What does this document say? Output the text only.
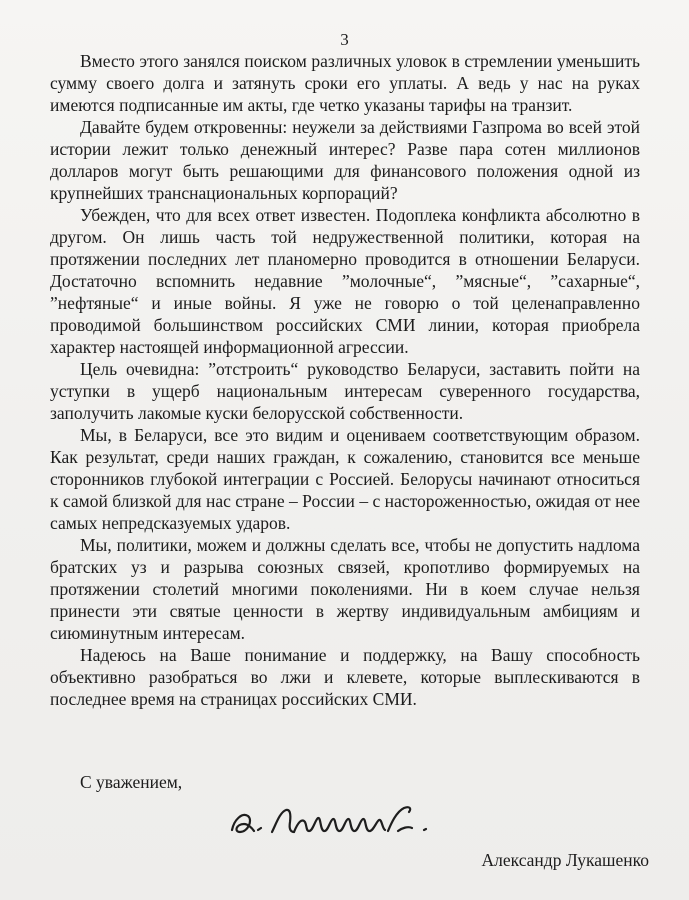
3

Вместо этого занялся поиском различных уловок в стремлении уменьшить сумму своего долга и затянуть сроки его уплаты. А ведь у нас на руках имеются подписанные им акты, где четко указаны тарифы на транзит.

Давайте будем откровенны: неужели за действиями Газпрома во всей этой истории лежит только денежный интерес? Разве пара сотен миллионов долларов могут быть решающими для финансового положения одной из крупнейших транснациональных корпораций?

Убежден, что для всех ответ известен. Подоплека конфликта абсолютно в другом. Он лишь часть той недружественной политики, которая на протяжении последних лет планомерно проводится в отношении Беларуси. Достаточно вспомнить недавние ”молочные“, ”мясные“, ”сахарные“, ”нефтяные“ и иные войны. Я уже не говорю о той целенаправленно проводимой большинством российских СМИ линии, которая приобрела характер настоящей информационной агрессии.

Цель очевидна: ”отстроить“ руководство Беларуси, заставить пойти на уступки в ущерб национальным интересам суверенного государства, заполучить лакомые куски белорусской собственности.

Мы, в Беларуси, все это видим и оцениваем соответствующим образом. Как результат, среди наших граждан, к сожалению, становится все меньше сторонников глубокой интеграции с Россией. Белорусы начинают относиться к самой близкой для нас стране – России – с настороженностью, ожидая от нее самых непредсказуемых ударов.

Мы, политики, можем и должны сделать все, чтобы не допустить надлома братских уз и разрыва союзных связей, кропотливо формируемых на протяжении столетий многими поколениями. Ни в коем случае нельзя принести эти святые ценности в жертву индивидуальным амбициям и сиюминутным интересам.

Надеюсь на Ваше понимание и поддержку, на Вашу способность объективно разобраться во лжи и клевете, которые выплескиваются в последнее время на страницах российских СМИ.

С уважением,
Александр Лукашенко
